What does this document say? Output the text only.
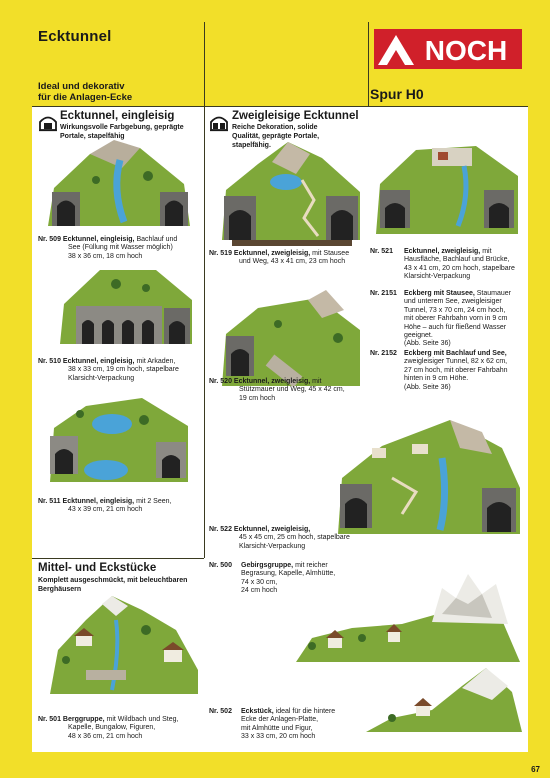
Ecktunnel
Ideal und dekorativ
für die Anlagen-Ecke
NOCH
Spur H0
Ecktunnel, eingleisig
Wirkungsvolle Farbgebung, geprägte
Portale, stapelfähig
Zweigleisige Ecktunnel
Reiche Dekoration, solide
Qualität, geprägte Portale,
stapelfähig.
Nr. 509 Ecktunnel, eingleisig, Bachlauf und
See (Füllung mit Wasser möglich)
38 x 36 cm, 18 cm hoch
Nr. 510 Ecktunnel, eingleisig, mit Arkaden,
38 x 33 cm, 19 cm hoch, stapelbare
Klarsicht-Verpackung
Nr. 511 Ecktunnel, eingleisig, mit 2 Seen,
43 x 39 cm, 21 cm hoch
Nr. 519 Ecktunnel, zweigleisig, mit Stausee
und Weg, 43 x 41 cm, 23 cm hoch
Nr. 520 Ecktunnel, zweigleisig, mit
Stützmauer und Weg, 45 x 42 cm,
19 cm hoch
Nr. 522 Ecktunnel, zweigleisig,
45 x 45 cm, 25 cm hoch, stapelbare
Klarsicht-Verpackung
Nr. 521 Ecktunnel, zweigleisig, mit
Hausfläche, Bachlauf und Brücke,
43 x 41 cm, 20 cm hoch, stapelbare
Klarsicht-Verpackung
Nr. 2151 Eckberg mit Stausee, Staumauer
und unterem See, zweigleisiger
Tunnel, 73 x 70 cm, 24 cm hoch,
mit oberer Fahrbahn vorn in 9 cm
Höhe – auch für fließend Wasser
geeignet.
(Abb. Seite 36)
Nr. 2152 Eckberg mit Bachlauf und See,
zweigleisiger Tunnel, 82 x 62 cm,
27 cm hoch, mit oberer Fahrbahn
hinten in 9 cm Höhe.
(Abb. Seite 36)
Mittel- und Eckstücke
Komplett ausgeschmückt, mit beleuchtbaren
Berghäusern
Nr. 500 Gebirgsgruppe, mit reicher
Begrasung, Kapelle, Almhütte,
74 x 30 cm,
24 cm hoch
Nr. 501 Berggruppe, mit Wildbach und Steg,
Kapelle, Bungalow, Figuren,
48 x 36 cm, 21 cm hoch
Nr. 502 Eckstück, ideal für die hintere
Ecke der Anlagen-Platte,
mit Almhütte und Figur,
33 x 33 cm, 20 cm hoch
67
